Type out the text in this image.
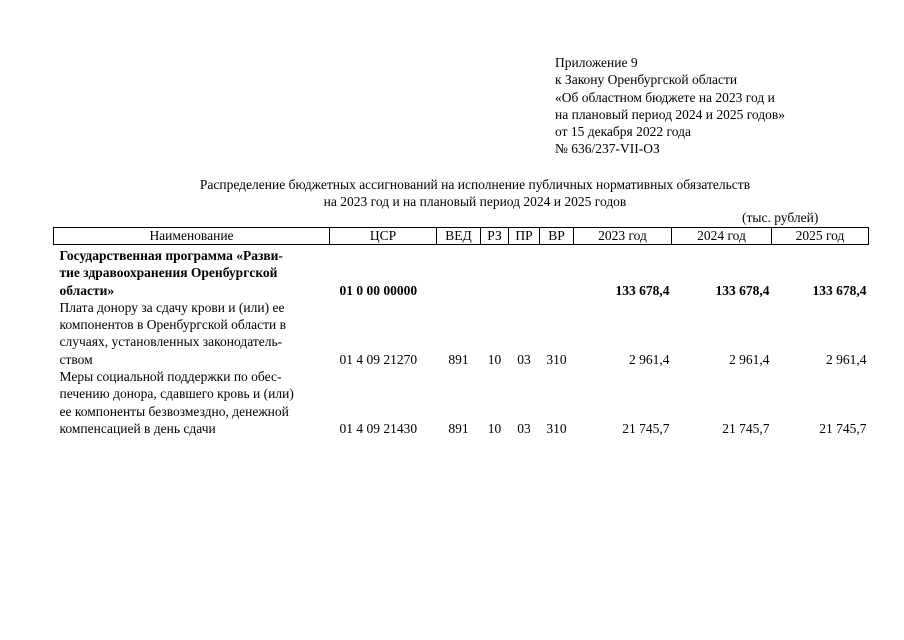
Приложение 9
к Закону Оренбургской области
«Об областном бюджете на 2023 год и
на плановый период 2024 и 2025 годов»
от 15 декабря 2022 года
№ 636/237-VII-ОЗ
Распределение бюджетных ассигнований на исполнение публичных нормативных обязательств
на 2023 год и на плановый период 2024 и 2025 годов
(тыс. рублей)
Наименование	ЦСР	ВЕД	РЗ	ПР	ВР	2023 год	2024 год	2025 год

Государственная программа «Разви-
тие здравоохранения Оренбургской
области»	01 0 00 00000					133 678,4	133 678,4	133 678,4

Плата донору за сдачу крови и (или) ее
компонентов в Оренбургской области в
случаях, установленных законодатель-
ством	01 4 09 21270	891	10	03	310	2 961,4	2 961,4	2 961,4

Меры социальной поддержки по обес-
печению донора, сдавшего кровь и (или)
ее компоненты безвозмездно, денежной
компенсацией в день сдачи	01 4 09 21430	891	10	03	310	21 745,7	21 745,7	21 745,7
